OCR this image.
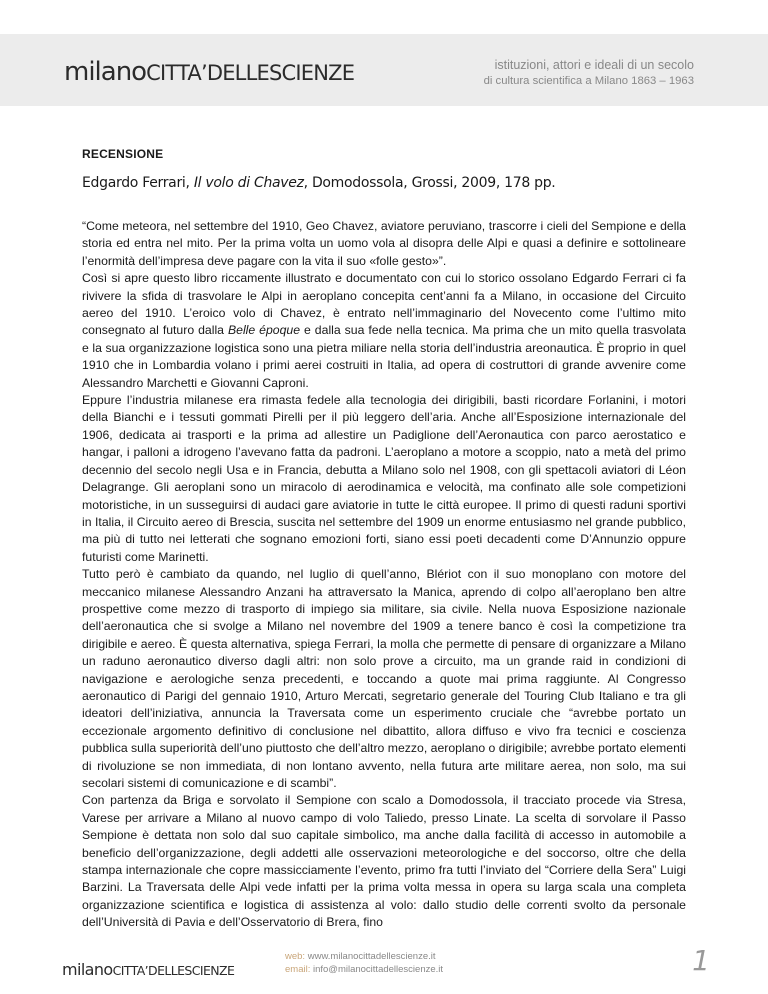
milanoCITTA’DELLESCIENZE	istituzioni, attori e ideali di un secolo
di cultura scientifica a Milano 1863 – 1963
RECENSIONE
Edgardo Ferrari, Il volo di Chavez, Domodossola, Grossi, 2009, 178 pp.

“Come meteora, nel settembre del 1910, Geo Chavez, aviatore peruviano, trascorre i cieli del Sempione e della storia ed entra nel mito. Per la prima volta un uomo vola al disopra delle Alpi e quasi a definire e sottolineare l’enormità dell’impresa deve pagare con la vita il suo «folle gesto»”.

Così si apre questo libro riccamente illustrato e documentato con cui lo storico ossolano Edgardo Ferrari ci fa rivivere la sfida di trasvolare le Alpi in aeroplano concepita cent’anni fa a Milano, in occasione del Circuito aereo del 1910. L’eroico volo di Chavez, è entrato nell’immaginario del Novecento come l’ultimo mito consegnato al futuro dalla Belle époque e dalla sua fede nella tecnica. Ma prima che un mito quella trasvolata e la sua organizzazione logistica sono una pietra miliare nella storia dell’industria areonautica. È proprio in quel 1910 che in Lombardia volano i primi aerei costruiti in Italia, ad opera di costruttori di grande avvenire come Alessandro Marchetti e Giovanni Caproni.

Eppure l’industria milanese era rimasta fedele alla tecnologia dei dirigibili, basti ricordare Forlanini, i motori della Bianchi e i tessuti gommati Pirelli per il più leggero dell’aria. Anche all’Esposizione internazionale del 1906, dedicata ai trasporti e la prima ad allestire un Padiglione dell’Aeronautica con parco aerostatico e hangar, i palloni a idrogeno l’avevano fatta da padroni. L’aeroplano a motore a scoppio, nato a metà del primo decennio del secolo negli Usa e in Francia, debutta a Milano solo nel 1908, con gli spettacoli aviatori di Léon Delagrange. Gli aeroplani sono un miracolo di aerodinamica e velocità, ma confinato alle sole competizioni motoristiche, in un susseguirsi di audaci gare aviatorie in tutte le città europee. Il primo di questi raduni sportivi in Italia, il Circuito aereo di Brescia, suscita nel settembre del 1909 un enorme entusiasmo nel grande pubblico, ma più di tutto nei letterati che sognano emozioni forti, siano essi poeti decadenti come D’Annunzio oppure futuristi come Marinetti.

Tutto però è cambiato da quando, nel luglio di quell’anno, Blériot con il suo monoplano con motore del meccanico milanese Alessandro Anzani ha attraversato la Manica, aprendo di colpo all’aeroplano ben altre prospettive come mezzo di trasporto di impiego sia militare, sia civile. Nella nuova Esposizione nazionale dell’aeronautica che si svolge a Milano nel novembre del 1909 a tenere banco è così la competizione tra dirigibile e aereo. È questa alternativa, spiega Ferrari, la molla che permette di pensare di organizzare a Milano un raduno aeronautico diverso dagli altri: non solo prove a circuito, ma un grande raid in condizioni di navigazione e aerologiche senza precedenti, e toccando a quote mai prima raggiunte. Al Congresso aeronautico di Parigi del gennaio 1910, Arturo Mercati, segretario generale del Touring Club Italiano e tra gli ideatori dell’iniziativa, annuncia la Traversata come un esperimento cruciale che “avrebbe portato un eccezionale argomento definitivo di conclusione nel dibattito, allora diffuso e vivo fra tecnici e coscienza pubblica sulla superiorità dell’uno piuttosto che dell’altro mezzo, aeroplano o dirigibile; avrebbe portato elementi di rivoluzione se non immediata, di non lontano avvento, nella futura arte militare aerea, non solo, ma sui secolari sistemi di comunicazione e di scambi”.

Con partenza da Briga e sorvolato il Sempione con scalo a Domodossola, il tracciato procede via Stresa, Varese per arrivare a Milano al nuovo campo di volo Taliedo, presso Linate. La scelta di sorvolare il Passo Sempione è dettata non solo dal suo capitale simbolico, ma anche dalla facilità di accesso in automobile a beneficio dell’organizzazione, degli addetti alle osservazioni meteorologiche e del soccorso, oltre che della stampa internazionale che copre massicciamente l’evento, primo fra tutti l’inviato del “Corriere della Sera” Luigi Barzini. La Traversata delle Alpi vede infatti per la prima volta messa in opera su larga scala una completa organizzazione scientifica e logistica di assistenza al volo: dallo studio delle correnti svolto da personale dell’Università di Pavia e dell’Osservatorio di Brera, fino

milanoCITTA’DELLESCIENZE
web: www.milanocittadellescienze.it
email: info@milanocittadellescienze.it	1
